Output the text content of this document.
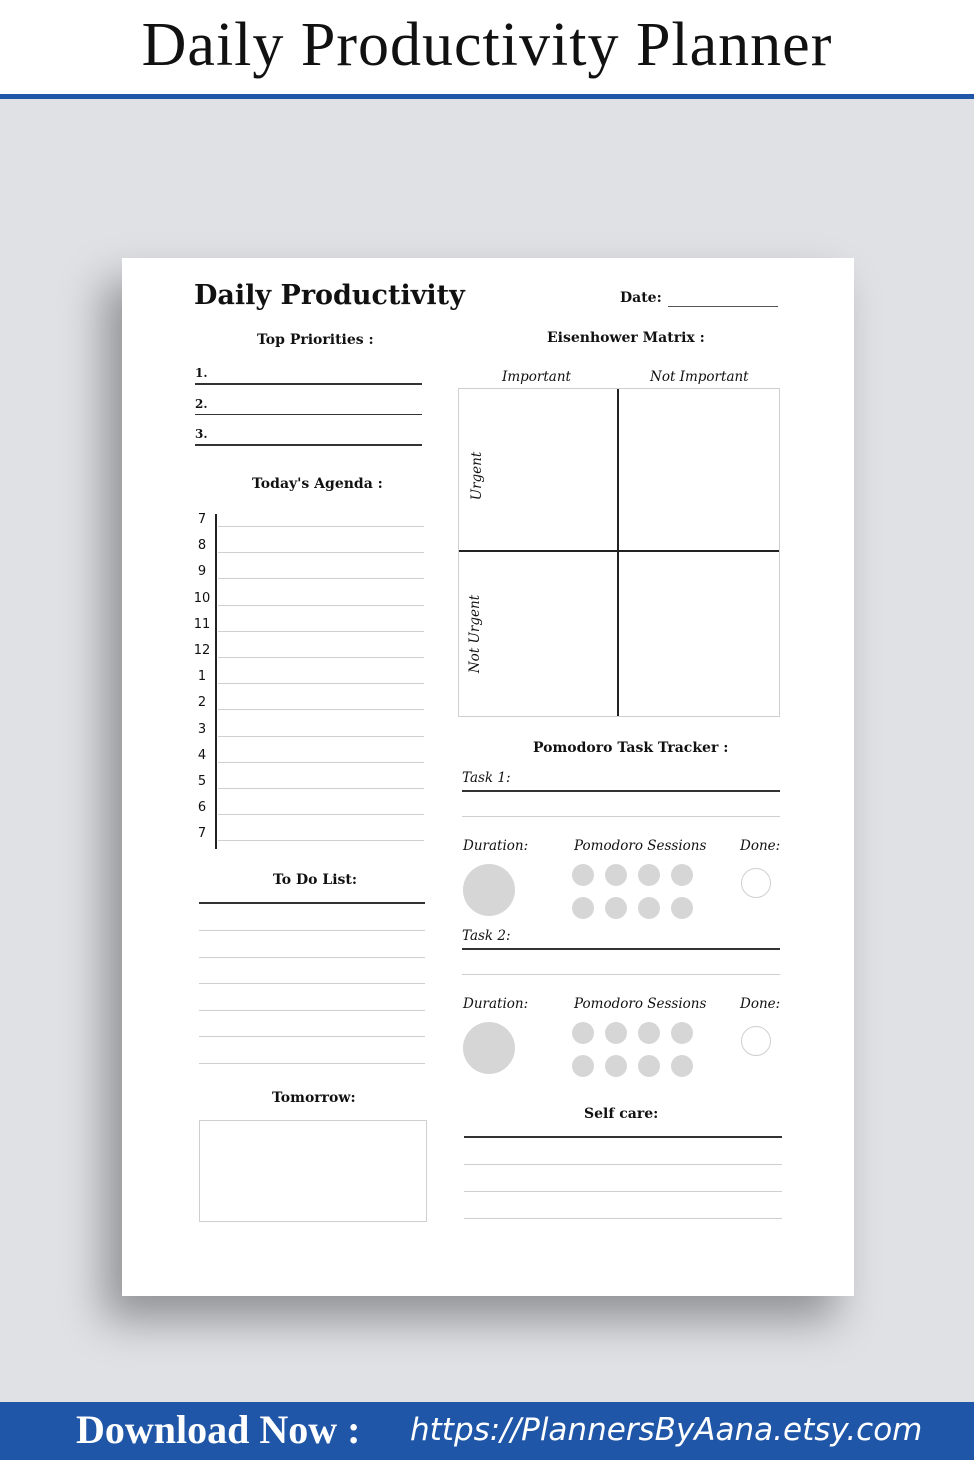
Daily Productivity Planner
Daily Productivity	Date:
Top Priorities :
1.
2.
3.
Today's Agenda :
7
8
9
10
11
12
1
2
3
4
5
6
7
To Do List:
Tomorrow:
Eisenhower Matrix :
Important	Not Important
Urgent
Not Urgent
Pomodoro Task Tracker :
Task 1:
Duration:	Pomodoro Sessions Done:
Task 2:
Duration:	Pomodoro Sessions Done:
Self care:
Download Now : https://PlannersByAana.etsy.com
